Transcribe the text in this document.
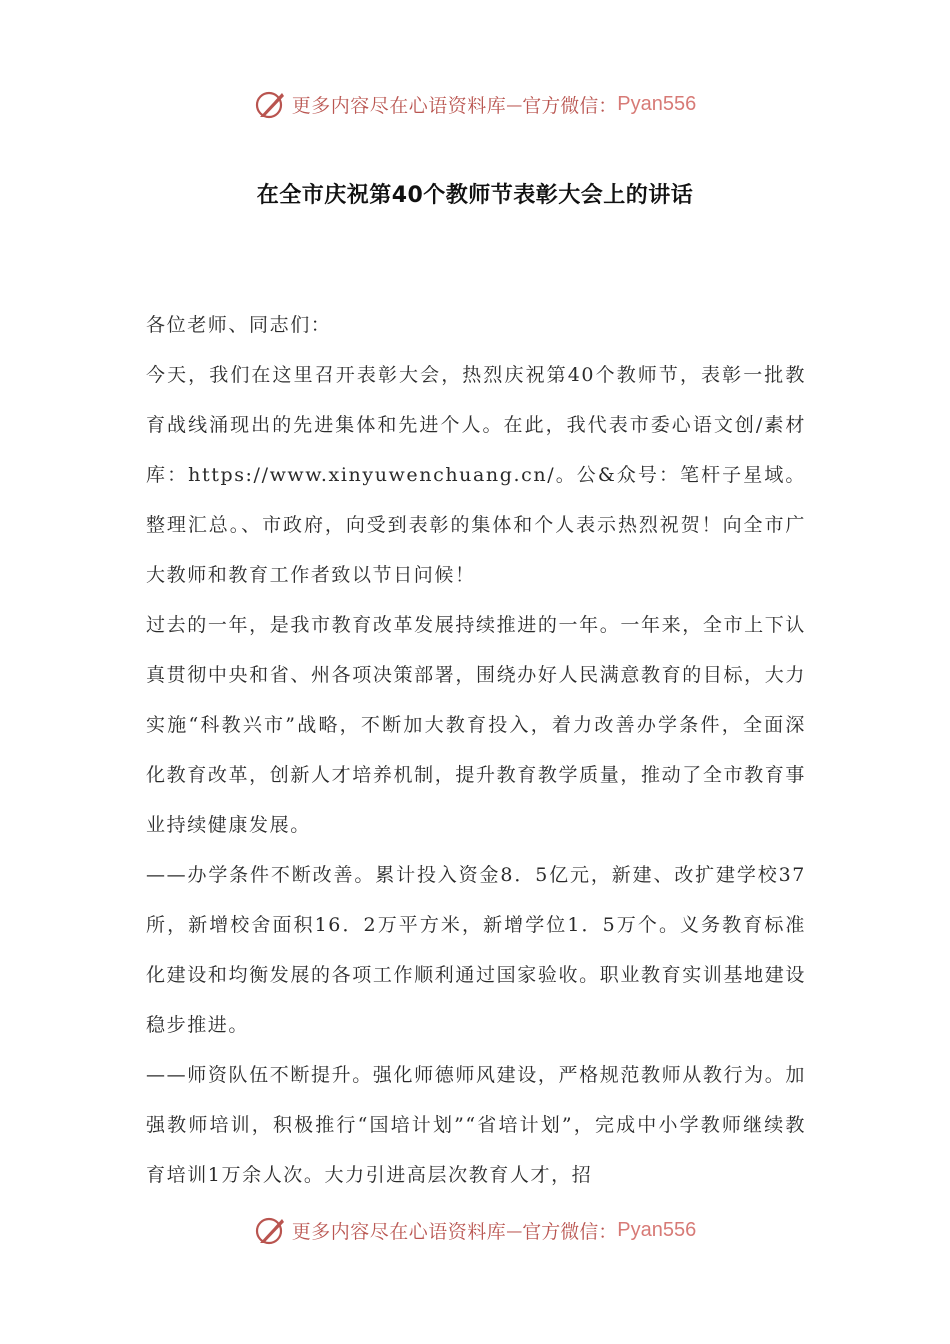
更多内容尽在心语资料库 — 官方微信： Pyan556
在全市庆祝第40个教师节表彰大会上的讲话

各位老师、同志们：

今天，我们在这里召开表彰大会，热烈庆祝第40个教师节，表彰一批教育战线涌现出的先进集体和先进个人。在此，我代表市委心语文创/素材库：https://www.xinyuwenchuang.cn/。公&众号：笔杆子星域。整理汇总。、市政府，向受到表彰的集体和个人表示热烈祝贺！向全市广大教师和教育工作者致以节日问候！

过去的一年，是我市教育改革发展持续推进的一年。一年来，全市上下认真贯彻中央和省、州各项决策部署，围绕办好人民满意教育的目标，大力实施“科教兴市”战略，不断加大教育投入，着力改善办学条件，全面深化教育改革，创新人才培养机制，提升教育教学质量，推动了全市教育事业持续健康发展。

——办学条件不断改善。累计投入资金8．5亿元，新建、改扩建学校37所，新增校舍面积16．2万平方米，新增学位1．5万个。义务教育标准化建设和均衡发展的各项工作顺利通过国家验收。职业教育实训基地建设稳步推进。

——师资队伍不断提升。强化师德师风建设，严格规范教师从教行为。加强教师培训，积极推行“国培计划”“省培计划”，完成中小学教师继续教育培训1万余人次。大力引进高层次教育人才，招

更多内容尽在心语资料库 — 官方微信： Pyan556
